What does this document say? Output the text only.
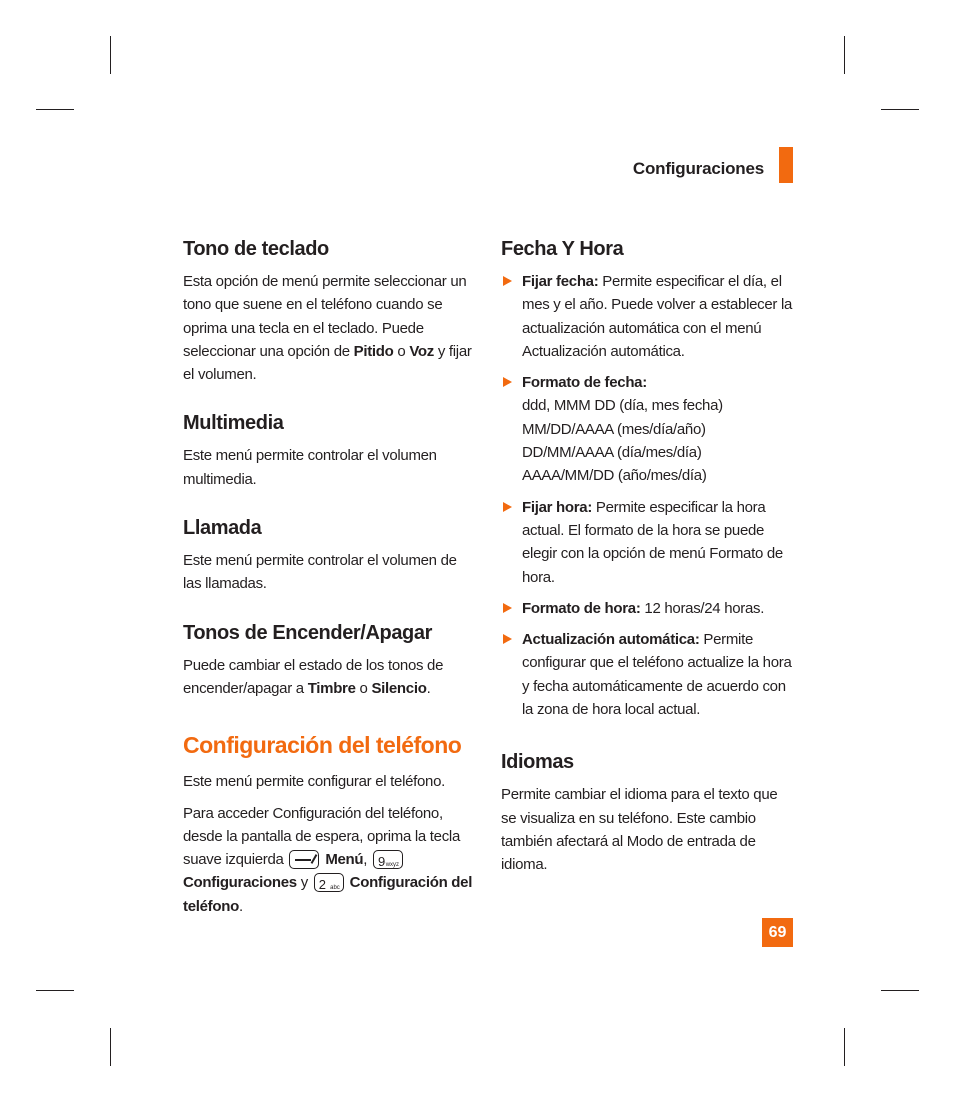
Configuraciones
Tono de teclado

Esta opción de menú permite seleccionar un tono que suene en el teléfono cuando se oprima una tecla en el teclado. Puede seleccionar una opción de Pitido o Voz y fijar el volumen.

Multimedia

Este menú permite controlar el volumen multimedia.

Llamada

Este menú permite controlar el volumen de las llamadas.

Tonos de Encender/Apagar

Puede cambiar el estado de los tonos de encender/apagar a Timbre o Silencio.

Configuración del teléfono

Este menú permite configurar el teléfono.

Para acceder Configuración del teléfono, desde la pantalla de espera, oprima la tecla suave izquierda	Menú, 9 wxyz
Configuraciones y 2 abc Configuración del teléfono.

Fecha Y Hora

Fijar fecha: Permite especificar el día, el mes y el año. Puede volver a establecer la actualización automática con el menú Actualización automática.

Formato de fecha:

ddd, MMM DD (día, mes fecha)

MM/DD/AAAA (mes/día/año)

DD/MM/AAAA (día/mes/día)

AAAA/MM/DD (año/mes/día)

Fijar hora: Permite especificar la hora actual. El formato de la hora se puede elegir con la opción de menú Formato de hora.

Formato de hora: 12 horas/24 horas.

Actualización automática: Permite configurar que el teléfono actualize la hora y fecha automáticamente de acuerdo con la zona de hora local actual.

Idiomas

Permite cambiar el idioma para el texto que se visualiza en su teléfono. Este cambio también afectará al Modo de entrada de idioma.

69
